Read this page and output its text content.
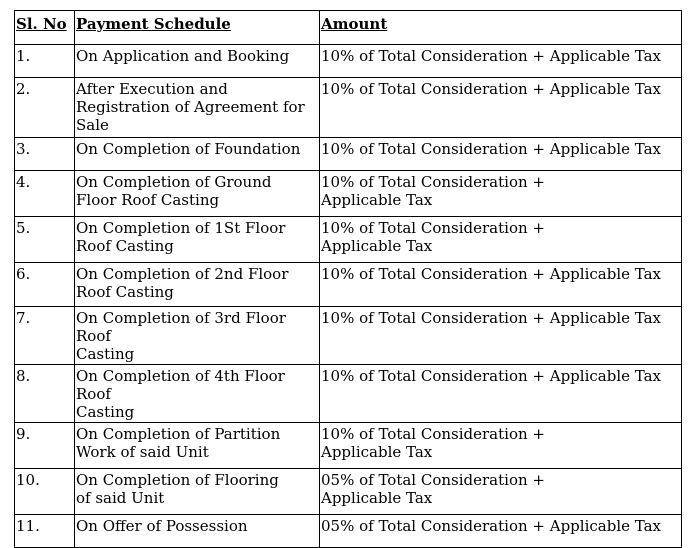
Sl. No	Payment Schedule	Amount

1.	On Application and Booking	10% of Total Consideration + Applicable Tax

2.	After Execution and
Registration of Agreement for
Sale	10% of Total Consideration + Applicable Tax

3.	On Completion of Foundation	10% of Total Consideration + Applicable Tax

4.	On Completion of Ground
Floor Roof Casting	10% of Total Consideration +
Applicable Tax

5.	On Completion of 1St Floor
Roof Casting	10% of Total Consideration +
Applicable Tax

6.	On Completion of 2nd Floor
Roof Casting	10% of Total Consideration + Applicable Tax

7.	On Completion of 3rd Floor Roof
Casting	10% of Total Consideration + Applicable Tax

8.	On Completion of 4th Floor Roof
Casting	10% of Total Consideration + Applicable Tax

9.	On Completion of Partition
Work of said Unit	10% of Total Consideration +
Applicable Tax

10.	On Completion of Flooring
of said Unit	05% of Total Consideration +
Applicable Tax

11.	On Offer of Possession	05% of Total Consideration + Applicable Tax
